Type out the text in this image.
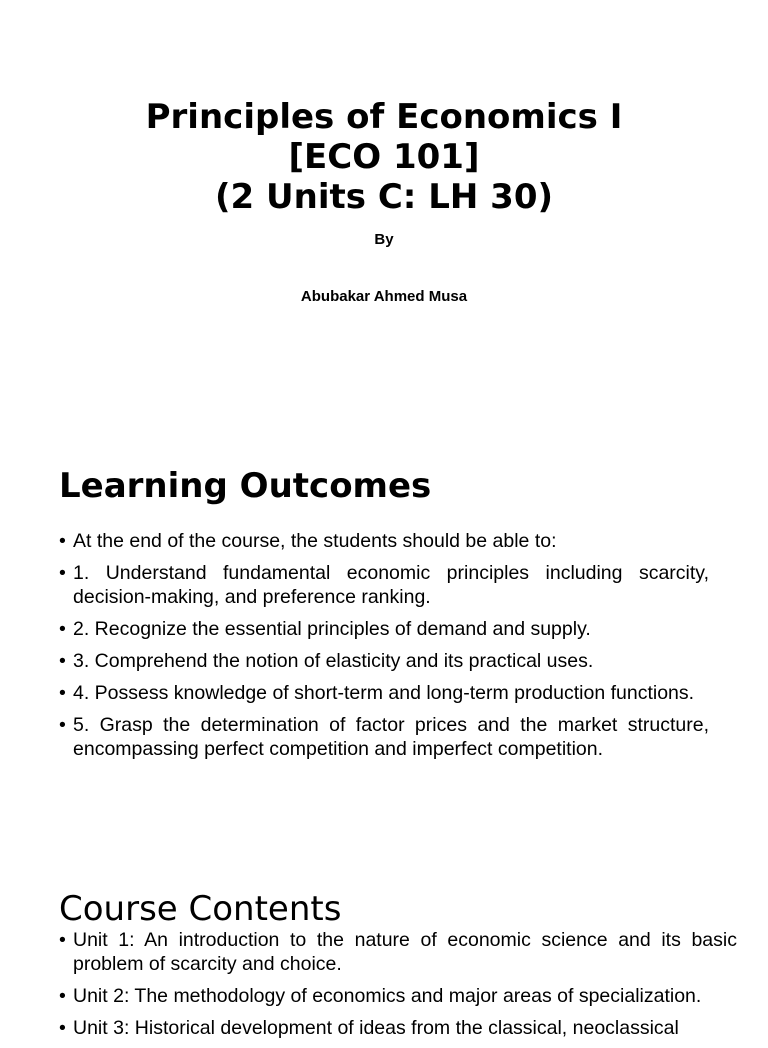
Principles of Economics I
[ECO 101]
(2 Units C: LH 30)
By
Abubakar Ahmed Musa
Learning Outcomes
• At the end of the course, the students should be able to:
• 1. Understand fundamental economic principles including scarcity, decision-making, and preference ranking.
• 2. Recognize the essential principles of demand and supply.
• 3. Comprehend the notion of elasticity and its practical uses.
• 4. Possess knowledge of short-term and long-term production functions.
• 5. Grasp the determination of factor prices and the market structure, encompassing perfect competition and imperfect competition.
Course Contents
• Unit 1: An introduction to the nature of economic science and its basic problem of scarcity and choice.
• Unit 2: The methodology of economics and major areas of specialization.
• Unit 3: Historical development of ideas from the classical, neoclassical
